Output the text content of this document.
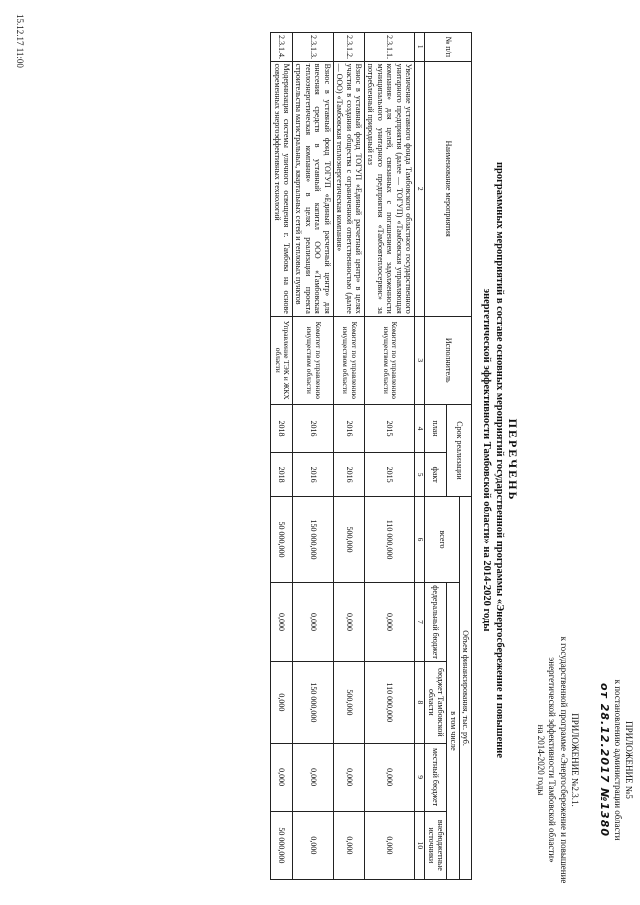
ПРИЛОЖЕНИЕ №5
к постановлению администрации области
от 28.12.2017 №1380
ПРИЛОЖЕНИЕ №2.3.1.
к государственной программе «Энергосбережение и повышение
энергетической эффективности Тамбовской области»
на 2014-2020 годы
ПЕРЕЧЕНЬ
программных мероприятий в составе основных мероприятий государственной программы «Энергосбережение и повышение
энергетической эффективности Тамбовской области» на 2014-2020 годы
№ п/п	Наименование мероприятия	Исполнитель	Срок реализации		Объем финансирования, тыс. руб.				
					всего	в том числе			
			план	факт		федеральный бюджет	бюджет Тамбовской области	местный бюджет	внебюджетные источники
1	2	3	4	5	6	7	8	9	10
2.3.1.1.	Увеличение уставного фонда Тамбовского областного государственного унитарного предприятия (далее — ТОГУП) «Тамбовская управляющая компания» для целей, связанных с погашением задолженности муниципального унитарного предприятия «Тамбовтеплосервис» за потребленный природный газ	Комитет по управлению имуществом области	2015	2015	110 000,000	0,000	110 000,000	0,000	0,000
2.3.1.2.	Взнос в уставный фонд ТОГУП «Единый расчетный центр» в целях участия в создании общества с ограниченной ответственностью (далее — ООО) «Тамбовская теплоэнергетическая компания»	Комитет по управлению имуществом области	2016	2016	500,000	0,000	500,000	0,000	0,000
2.3.1.3.	Взнос в уставный фонд ТОГУП «Единый расчетный центр» для внесения средств в уставный капитал ООО «Тамбовская теплоэнергетическая компания» в целях реализации проекта строительства магистральных, квартальных сетей и тепловых пунктов	Комитет по управлению имуществом области	2016	2016	150 000,000	0,000	150 000,000	0,000	0,000
2.3.1.4.	Модернизация системы уличного освещения г. Тамбова на основе современных энергоэффективных технологий	Управление ТЭК и ЖКХ области	2018	2018	50 000,000	0,000	0,000	0,000	50 000,000
15.12.17 11:00
